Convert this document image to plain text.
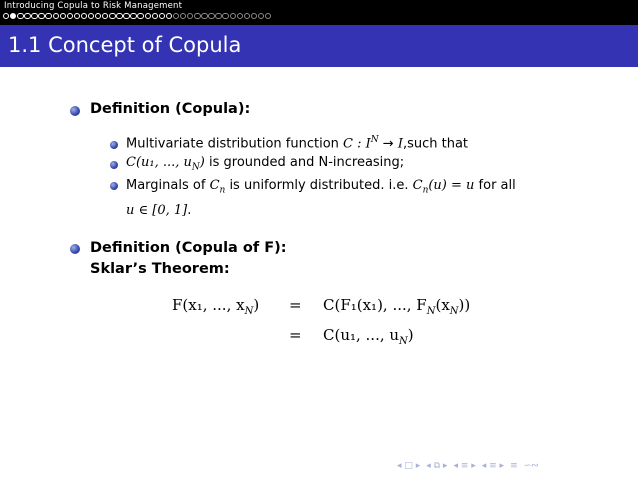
Introducing Copula to Risk Management
1.1 Concept of Copula
Definition (Copula):
Multivariate distribution function C : $I^N$ → I,such that
C(u₁, ..., $u_N$) is grounded and N-increasing;
Marginals of $C_n$ is uniformly distributed. i.e. $C_n(u) = u$ for all
u ∈ [0, 1].
Definition (Copula of F):
Sklar’s Theorem:
F(x₁, ..., $x_N) = C(F_1(x_1)$, ..., $F_N(x_N)$)
= C(u₁, ..., $u_N$)
◂ □ ▸ ◂ ⧉ ▸ ◂ ≡ ▸ ◂ ≡ ▸ ≡ ∽∾
